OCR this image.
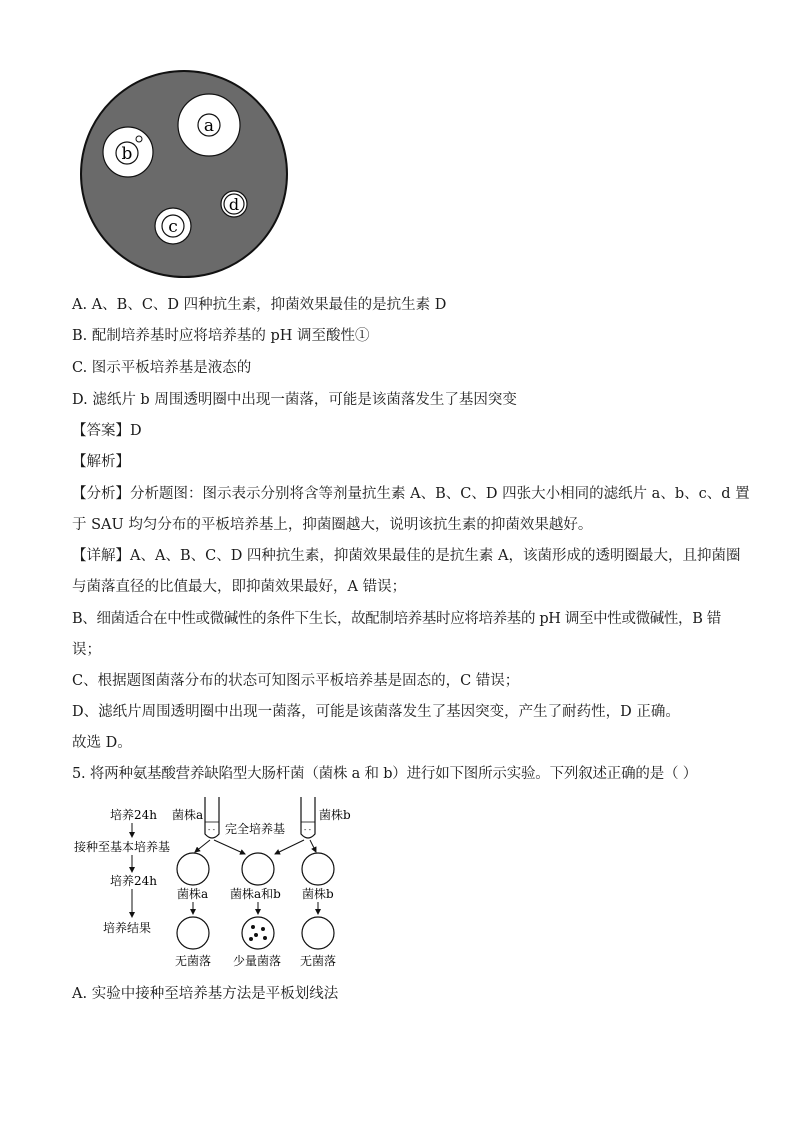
a
b
c
d
A. A、B、C、D 四种抗生素，抑菌效果最佳的是抗生素 D
B. 配制培养基时应将培养基的 pH 调至酸性①
C. 图示平板培养基是液态的
D. 滤纸片 b 周围透明圈中出现一菌落，可能是该菌落发生了基因突变
【答案】D
【解析】
【分析】分析题图：图示表示分别将含等剂量抗生素 A、B、C、D 四张大小相同的滤纸片 a、b、c、d 置
于 SAU 均匀分布的平板培养基上，抑菌圈越大，说明该抗生素的抑菌效果越好。
【详解】A、A、B、C、D 四种抗生素，抑菌效果最佳的是抗生素 A，该菌形成的透明圈最大，且抑菌圈
与菌落直径的比值最大，即抑菌效果最好，A 错误；
B、细菌适合在中性或微碱性的条件下生长，故配制培养基时应将培养基的 pH 调至中性或微碱性，B 错
误；
C、根据题图菌落分布的状态可知图示平板培养基是固态的，C 错误；
D、滤纸片周围透明圈中出现一菌落，可能是该菌落发生了基因突变，产生了耐药性，D 正确。
故选 D。
5. 将两种氨基酸营养缺陷型大肠杆菌（菌株 a 和 b）进行如下图所示实验。下列叙述正确的是（ ）
培养24h
接种至基本培养基
培养24h
培养结果
菌株a
- -	- -
菌株b
完全培养基
菌株a 菌株a和b 菌株b
无菌落 少量菌落 无菌落
A. 实验中接种至培养基方法是平板划线法
